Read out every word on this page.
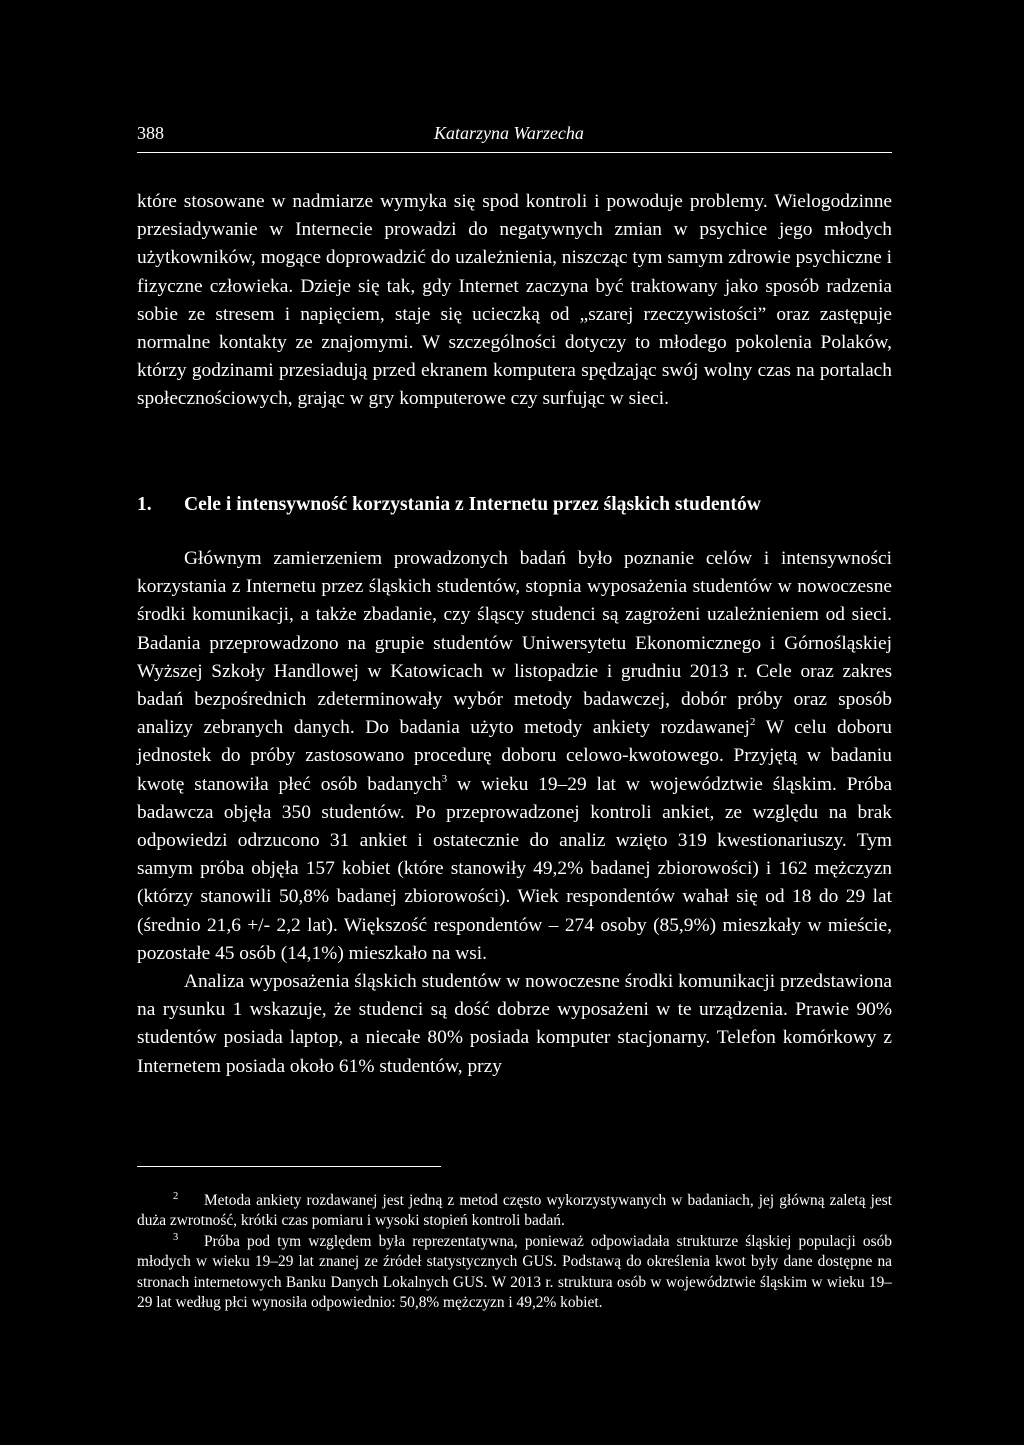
388	Katarzyna Warzecha

które stosowane w nadmiarze wymyka się spod kontroli i powoduje problemy. Wielogodzinne przesiadywanie w Internecie prowadzi do negatywnych zmian w psychice jego młodych użytkowników, mogące doprowadzić do uzależnienia, niszcząc tym samym zdrowie psychiczne i fizyczne człowieka. Dzieje się tak, gdy Internet zaczyna być traktowany jako sposób radzenia sobie ze stresem i napięciem, staje się ucieczką od „szarej rzeczywistości” oraz zastępuje normalne kontakty ze znajomymi. W szczególności dotyczy to młodego pokolenia Polaków, którzy godzinami przesiadują przed ekranem komputera spędzając swój wolny czas na portalach społecznościowych, grając w gry komputerowe czy surfując w sieci.

1. Cele i intensywność korzystania z Internetu przez śląskich studentów

Głównym zamierzeniem prowadzonych badań było poznanie celów i intensywności korzystania z Internetu przez śląskich studentów, stopnia wyposażenia studentów w nowoczesne środki komunikacji, a także zbadanie, czy śląscy studenci są zagrożeni uzależnieniem od sieci. Badania przeprowadzono na grupie studentów Uniwersytetu Ekonomicznego i Górnośląskiej Wyższej Szkoły Handlowej w Katowicach w listopadzie i grudniu 2013 r. Cele oraz zakres badań bezpośrednich zdeterminowały wybór metody badawczej, dobór próby oraz sposób analizy zebranych danych. Do badania użyto metody ankiety rozdawanej$^2$ W celu doboru jednostek do próby zastosowano procedurę doboru celowo-kwotowego. Przyjętą w badaniu kwotę stanowiła płeć osób badanych$^3$ w wieku 19–29 lat w województwie śląskim. Próba badawcza objęła 350 studentów. Po przeprowadzonej kontroli ankiet, ze względu na brak odpowiedzi odrzucono 31 ankiet i ostatecznie do analiz wzięto 319 kwestionariuszy. Tym samym próba objęła 157 kobiet (które stanowiły 49,2% badanej zbiorowości) i 162 mężczyzn (którzy stanowili 50,8% badanej zbiorowości). Wiek respondentów wahał się od 18 do 29 lat (średnio 21,6 +/- 2,2 lat). Większość respondentów – 274 osoby (85,9%) mieszkały w mieście, pozostałe 45 osób (14,1%) mieszkało na wsi.

Analiza wyposażenia śląskich studentów w nowoczesne środki komunikacji przedstawiona na rysunku 1 wskazuje, że studenci są dość dobrze wyposażeni w te urządzenia. Prawie 90% studentów posiada laptop, a niecałe 80% posiada komputer stacjonarny. Telefon komórkowy z Internetem posiada około 61% studentów, przy

2 Metoda ankiety rozdawanej jest jedną z metod często wykorzystywanych w badaniach, jej główną zaletą jest duża zwrotność, krótki czas pomiaru i wysoki stopień kontroli badań.

3 Próba pod tym względem była reprezentatywna, ponieważ odpowiadała strukturze śląskiej populacji osób młodych w wieku 19–29 lat znanej ze źródeł statystycznych GUS. Podstawą do określenia kwot były dane dostępne na stronach internetowych Banku Danych Lokalnych GUS. W 2013 r. struktura osób w województwie śląskim w wieku 19–29 lat według płci wynosiła odpowiednio: 50,8% mężczyzn i 49,2% kobiet.
